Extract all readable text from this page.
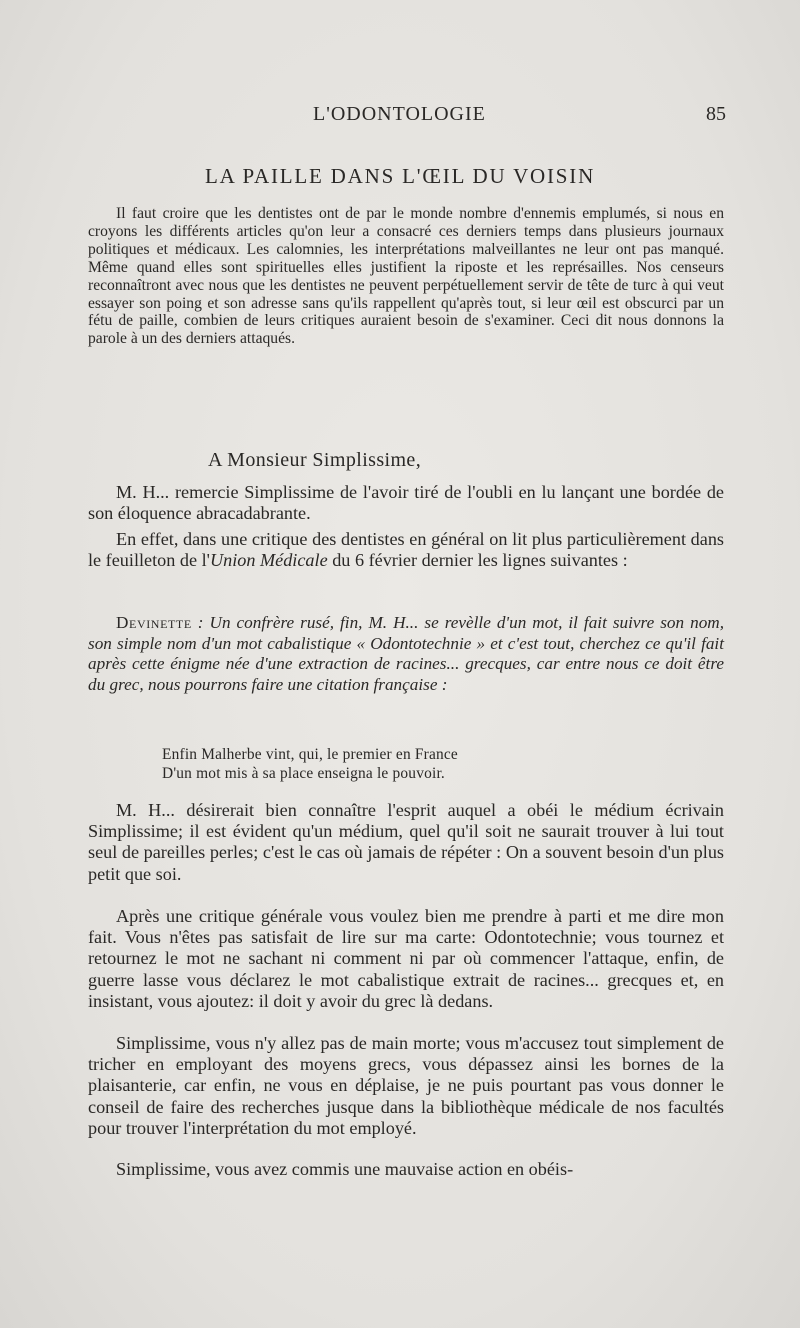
L'ODONTOLOGIE	85
LA PAILLE DANS L'ŒIL DU VOISIN

Il faut croire que les dentistes ont de par le monde nombre d'ennemis emplumés, si nous en croyons les différents articles qu'on leur a consacré ces derniers temps dans plusieurs journaux politiques et médicaux. Les calomnies, les interprétations malveillantes ne leur ont pas manqué. Même quand elles sont spirituelles elles justifient la riposte et les représailles. Nos censeurs reconnaîtront avec nous que les dentistes ne peuvent perpétuellement servir de tête de turc à qui veut essayer son poing et son adresse sans qu'ils rappellent qu'après tout, si leur œil est obscurci par un fétu de paille, combien de leurs critiques auraient besoin de s'examiner. Ceci dit nous donnons la parole à un des derniers attaqués.

A Monsieur Simplissime,

M. H... remercie Simplissime de l'avoir tiré de l'oubli en lu lançant une bordée de son éloquence abracadabrante.

En effet, dans une critique des dentistes en général on lit plus particulièrement dans le feuilleton de l'Union Médicale du 6 février dernier les lignes suivantes :

Devinette : Un confrère rusé, fin, M. H... se revèlle d'un mot, il fait suivre son nom, son simple nom d'un mot cabalistique « Odontotechnie » et c'est tout, cherchez ce qu'il fait après cette énigme née d'une extraction de racines... grecques, car entre nous ce doit être du grec, nous pourrons faire une citation française :

Enfin Malherbe vint, qui, le premier en France
D'un mot mis à sa place enseigna le pouvoir.

M. H... désirerait bien connaître l'esprit auquel a obéi le médium écrivain Simplissime; il est évident qu'un médium, quel qu'il soit ne saurait trouver à lui tout seul de pareilles perles; c'est le cas où jamais de répéter : On a souvent besoin d'un plus petit que soi.

Après une critique générale vous voulez bien me prendre à parti et me dire mon fait. Vous n'êtes pas satisfait de lire sur ma carte: Odontotechnie; vous tournez et retournez le mot ne sachant ni comment ni par où commencer l'attaque, enfin, de guerre lasse vous déclarez le mot cabalistique extrait de racines... grecques et, en insistant, vous ajoutez: il doit y avoir du grec là dedans.

Simplissime, vous n'y allez pas de main morte; vous m'accusez tout simplement de tricher en employant des moyens grecs, vous dépassez ainsi les bornes de la plaisanterie, car enfin, ne vous en déplaise, je ne puis pourtant pas vous donner le conseil de faire des recherches jusque dans la bibliothèque médicale de nos facultés pour trouver l'interprétation du mot employé.

Simplissime, vous avez commis une mauvaise action en obéis-
